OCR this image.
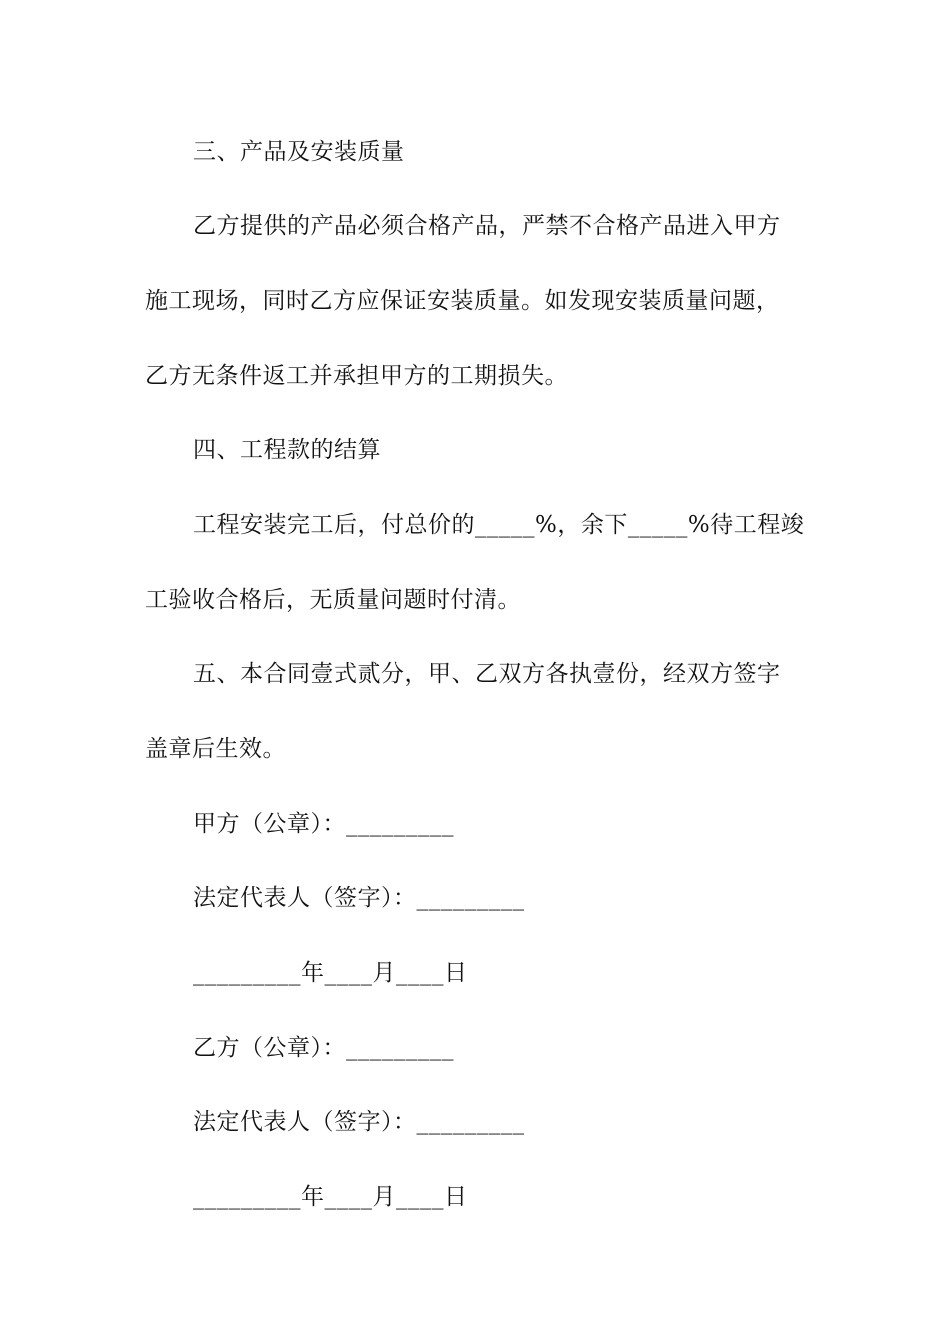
三、产品及安装质量
乙方提供的产品必须合格产品，严禁不合格产品进入甲方
施工现场，同时乙方应保证安装质量。如发现安装质量问题，
乙方无条件返工并承担甲方的工期损失。
四、工程款的结算
工程安装完工后，付总价的_____%，余下_____%待工程竣
工验收合格后，无质量问题时付清。
五、本合同壹式贰分，甲、乙双方各执壹份，经双方签字
盖章后生效。
甲方（公章）：_________
法定代表人（签字）：_________
_________年____月____日
乙方（公章）：_________
法定代表人（签字）：_________
_________年____月____日
